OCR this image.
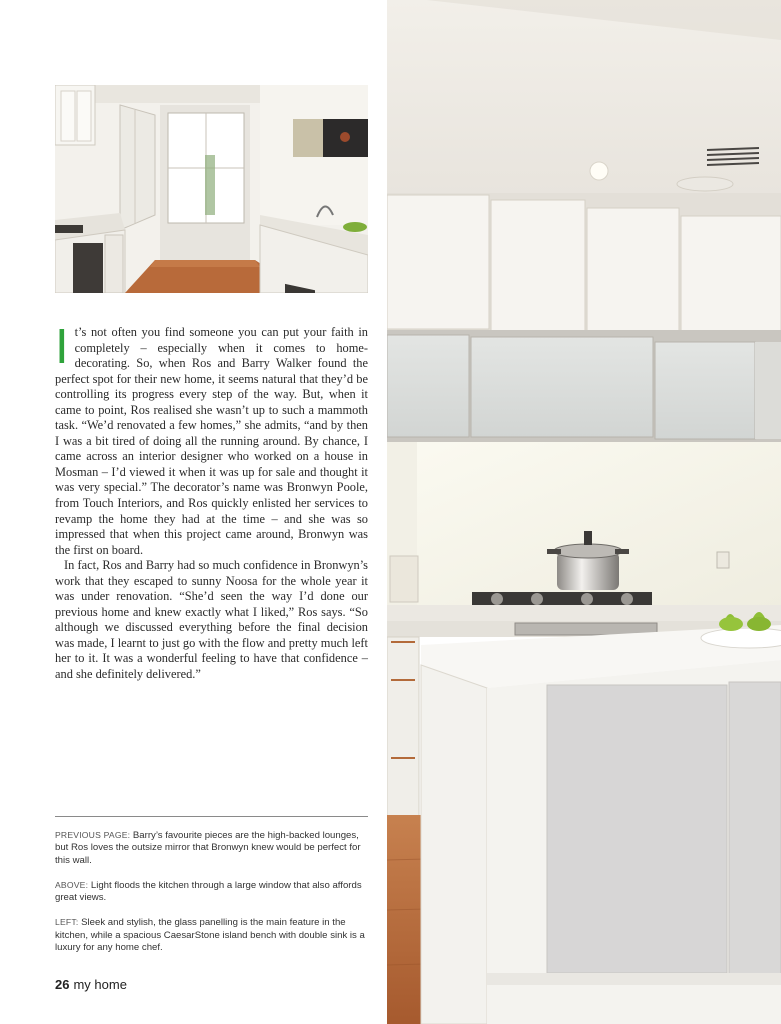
It’s not often you find someone you can put your faith in completely – especially when it comes to home-decorating. So, when Ros and Barry Walker found the perfect spot for their new home, it seems natural that they’d be controlling its progress every step of the way. But, when it came to point, Ros realised she wasn’t up to such a mammoth task. “We’d renovated a few homes,” she admits, “and by then I was a bit tired of doing all the running around. By chance, I came across an interior designer who worked on a house in Mosman – I’d viewed it when it was up for sale and thought it was very special.” The decorator’s name was Bronwyn Poole, from Touch Interiors, and Ros quickly enlisted her services to revamp the home they had at the time – and she was so impressed that when this project came around, Bronwyn was the first on board.

In fact, Ros and Barry had so much confidence in Bronwyn’s work that they escaped to sunny Noosa for the whole year it was under renovation. “She’d seen the way I’d done our previous home and knew exactly what I liked,” Ros says. “So although we discussed everything before the final decision was made, I learnt to just go with the flow and pretty much left her to it. It was a wonderful feeling to have that confidence – and she definitely delivered.”

PREVIOUS PAGE: Barry’s favourite pieces are the high-backed lounges, but Ros loves the outsize mirror that Bronwyn knew would be perfect for this wall.

ABOVE: Light floods the kitchen through a large window that also affords great views.

LEFT: Sleek and stylish, the glass panelling is the main feature in the kitchen, while a spacious CaesarStone island bench with double sink is a luxury for any home chef.

26 my home
